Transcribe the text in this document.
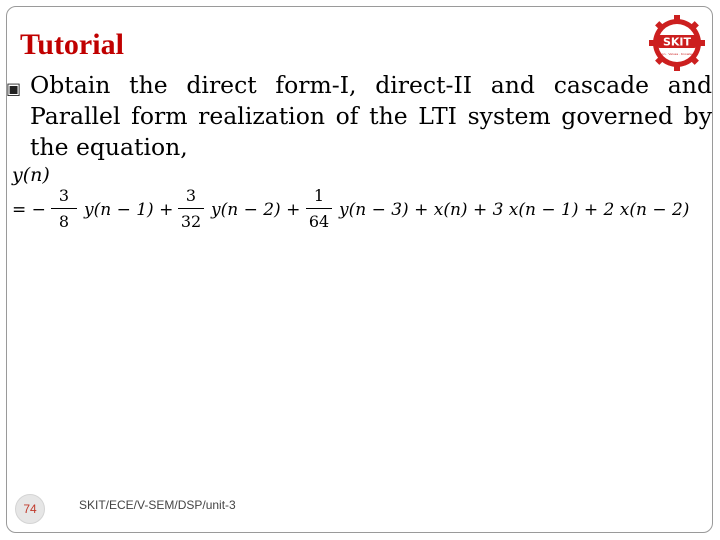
Tutorial	SKIT
Vision · Values · Knowledge
▣ Obtain the direct form-I, direct-II and cascade and Parallel form realization of the LTI system governed by the equation,
y(n)
= −
3
8
y(n − 1) +
3
32
y(n − 2) +
1
64
y(n − 3) + x(n) + 3 x(n − 1) + 2 x(n − 2)
74	SKIT/ECE/V-SEM/DSP/unit-3
